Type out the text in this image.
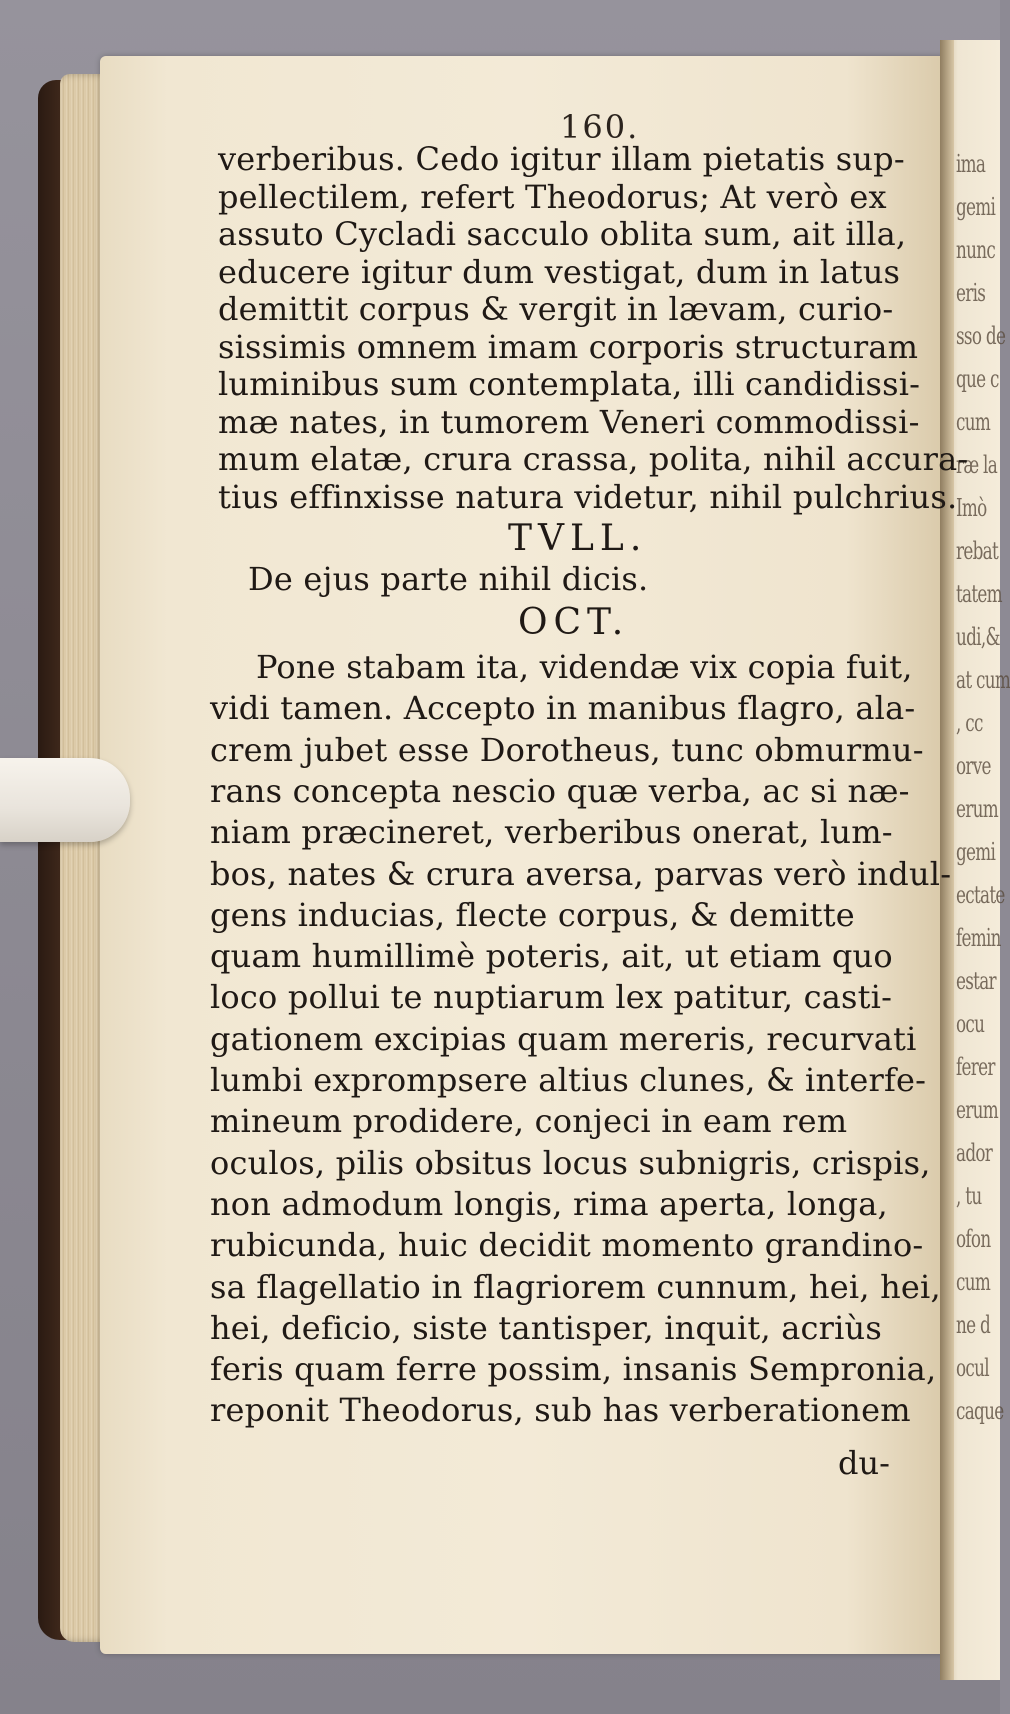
ima
gemi
nunc
eris
sso de
que c
cum
ræ la
Imò
rebat
tatem
udi,&
at cum
, cc
orve
erum
gemi
ectate
femin
estar
ocu
ferer
erum
ador
, tu
ofon
cum
ne d
ocul
caque
160.
verberibus. Cedo igitur illam pietatis sup-
pellectilem, refert Theodorus; At verò ex
assuto Cycladi sacculo oblita sum, ait illa,
educere igitur dum vestigat, dum in latus
demittit corpus & vergit in lævam, curio-
sissimis omnem imam corporis structuram
luminibus sum contemplata, illi candidissi-
mæ nates, in tumorem Veneri commodissi-
mum elatæ, crura crassa, polita, nihil accura-
tius effinxisse natura videtur, nihil pulchrius.
TVLL.
De ejus parte nihil dicis.
OCT.
Pone stabam ita, videndæ vix copia fuit,
vidi tamen. Accepto in manibus flagro, ala-
crem jubet esse Dorotheus, tunc obmurmu-
rans concepta nescio quæ verba, ac si næ-
niam præcineret, verberibus onerat, lum-
bos, nates & crura aversa, parvas verò indul-
gens inducias, flecte corpus, & demitte
quam humillimè poteris, ait, ut etiam quo
loco pollui te nuptiarum lex patitur, casti-
gationem excipias quam mereris, recurvati
lumbi exprompsere altius clunes, & interfe-
mineum prodidere, conjeci in eam rem
oculos, pilis obsitus locus subnigris, crispis,
non admodum longis, rima aperta, longa,
rubicunda, huic decidit momento grandino-
sa flagellatio in flagriorem cunnum, hei, hei,
hei, deficio, siste tantisper, inquit, acriùs
feris quam ferre possim, insanis Sempronia,
reponit Theodorus, sub has verberationem
du-
